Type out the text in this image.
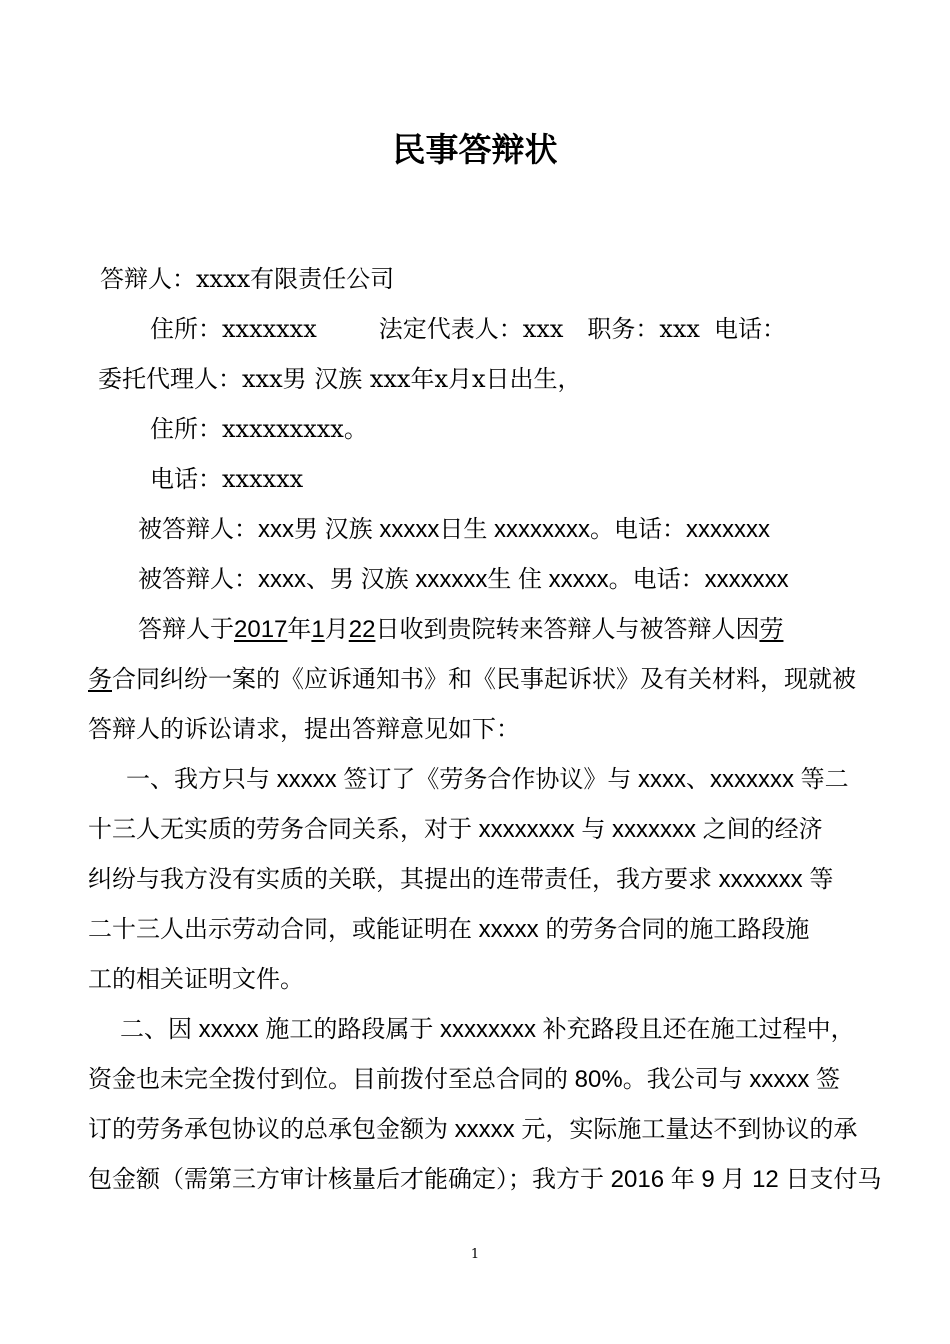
民事答辩状
答辩人：xxxx有限责任公司
住所：xxxxxxx	法定代表人：xxx 职务：xxx 电话：
委托代理人：xxx男 汉族 xxx年x月x日出生，
住所：xxxxxxxxx。
电话：xxxxxx
被答辩人：xxx男 汉族 xxxxx日生 xxxxxxxx。电话：xxxxxxx
被答辩人：xxxx、男 汉族 xxxxxx生 住 xxxxx。电话：xxxxxxx
答辩人于2017年1月22日收到贵院转来答辩人与被答辩人因劳
务合同纠纷一案的《应诉通知书》和《民事起诉状》及有关材料，现就被
答辩人的诉讼请求，提出答辩意见如下：
一、我方只与 xxxxx 签订了《劳务合作协议》与 xxxx、xxxxxxx 等二
十三人无实质的劳务合同关系，对于 xxxxxxxx 与 xxxxxxx 之间的经济
纠纷与我方没有实质的关联，其提出的连带责任，我方要求 xxxxxxx 等
二十三人出示劳动合同，或能证明在 xxxxx 的劳务合同的施工路段施
工的相关证明文件。
二、因 xxxxx 施工的路段属于 xxxxxxxx 补充路段且还在施工过程中，
资金也未完全拨付到位。目前拨付至总合同的 80%。我公司与 xxxxx 签
订的劳务承包协议的总承包金额为 xxxxx 元，实际施工量达不到协议的承
包金额（需第三方审计核量后才能确定）；我方于 2016 年 9 月 12 日支付马
1
